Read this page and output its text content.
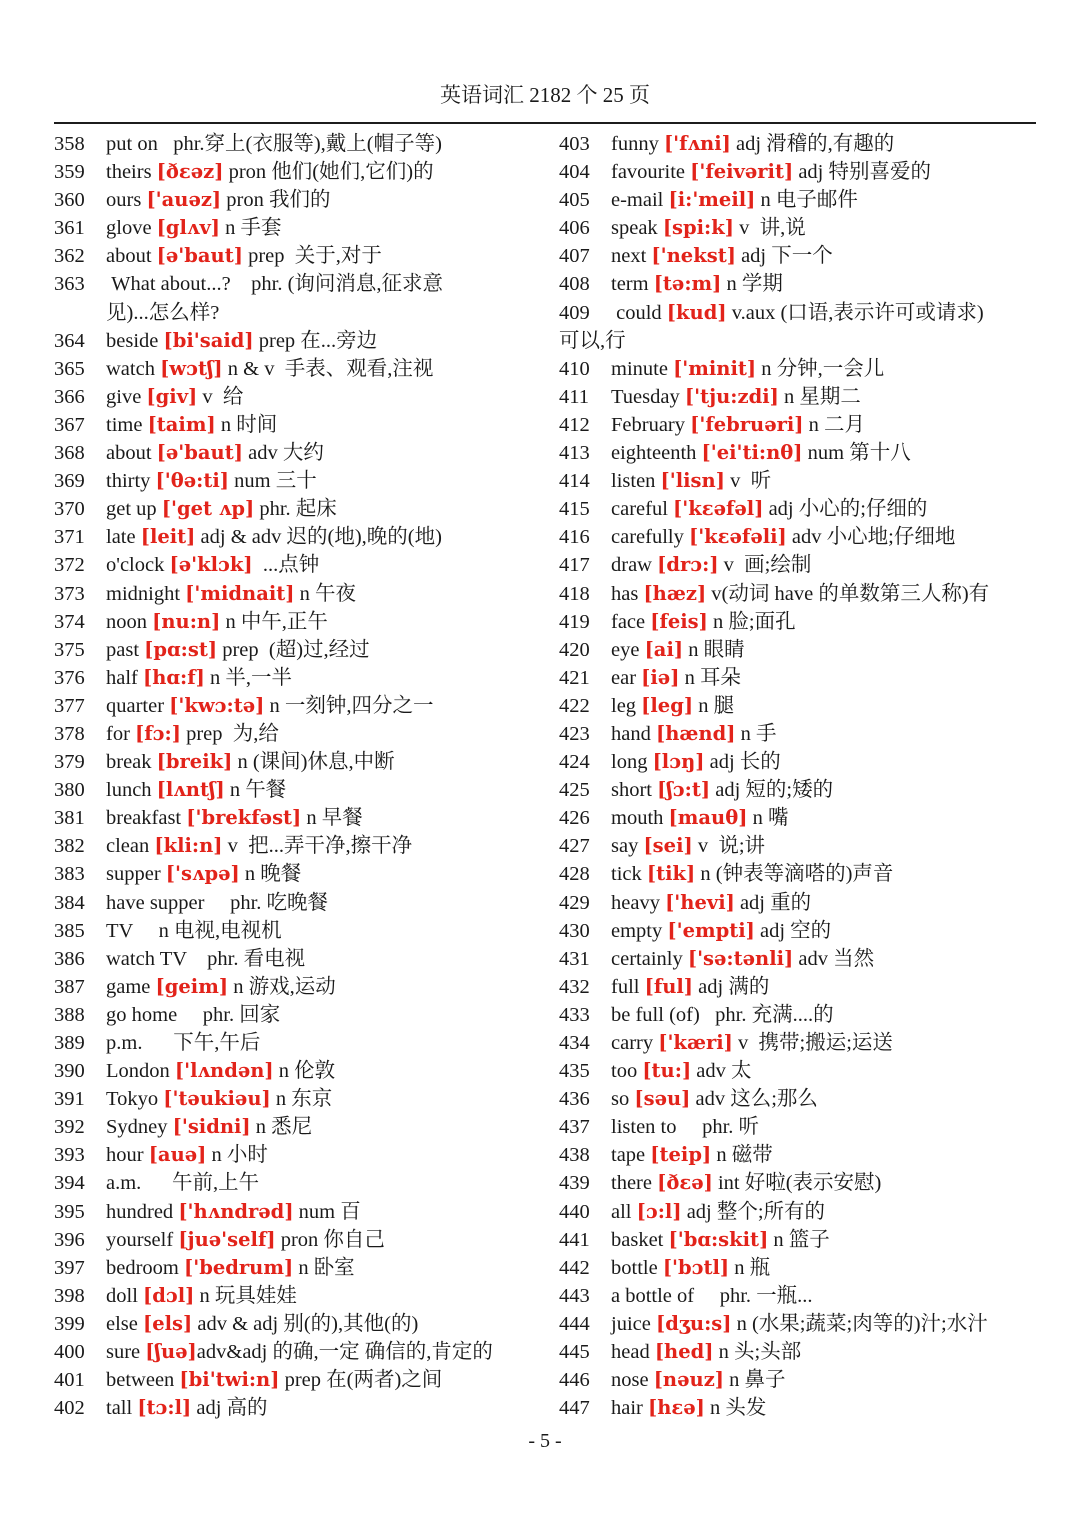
英语词汇 2182 个 25 页
358	put on   phr.穿上(衣服等),戴上(帽子等)
359	theirs [ðɛəz] pron 他们(她们,它们)的
360	ours ['auəz] pron 我们的
361	glove [glʌv] n 手套
362	about [ə'baut] prep  关于,对于
363	What about...?    phr. (询问消息,征求意
见)...怎么样?
364	beside [bi'said] prep 在...旁边
365	watch [wɔtʃ] n & v  手表、观看,注视
366	give [giv] v  给
367	time [taim] n 时间
368	about [ə'baut] adv 大约
369	thirty ['θə:ti] num 三十
370	get up ['get ʌp] phr. 起床
371	late [leit] adj & adv 迟的(地),晚的(地)
372	o'clock [ə'klɔk]  ...点钟
373	midnight ['midnait] n 午夜
374	noon [nu:n] n 中午,正午
375	past [pɑ:st] prep  (超)过,经过
376	half [hɑ:f] n 半,一半
377	quarter ['kwɔ:tə] n 一刻钟,四分之一
378	for [fɔ:] prep  为,给
379	break [breik] n (课间)休息,中断
380	lunch [lʌntʃ] n 午餐
381	breakfast ['brekfəst] n 早餐
382	clean [kli:n] v  把...弄干净,擦干净
383	supper ['sʌpə] n 晚餐
384	have supper     phr. 吃晚餐
385	TV     n 电视,电视机
386	watch TV    phr. 看电视
387	game [geim] n 游戏,运动
388	go home     phr. 回家
389	p.m.      下午,午后
390	London ['lʌndən] n 伦敦
391	Tokyo ['təukiəu] n 东京
392	Sydney ['sidni] n 悉尼
393	hour [auə] n 小时
394	a.m.      午前,上午
395	hundred ['hʌndrəd] num 百
396	yourself [juə'self] pron 你自己
397	bedroom ['bedrum] n 卧室
398	doll [dɔl] n 玩具娃娃
399	else [els] adv & adj 别(的),其他(的)
400	sure [ʃuə]adv&adj 的确,一定 确信的,肯定的
401	between [bi'twi:n] prep 在(两者)之间
402	tall [tɔ:l] adj 高的
403	funny ['fʌni] adj 滑稽的,有趣的
404	favourite ['feivərit] adj 特别喜爱的
405	e-mail [i:'meil] n 电子邮件
406	speak [spi:k] v  讲,说
407	next ['nekst] adj 下一个
408	term [tə:m] n 学期
409	could [kud] v.aux (口语,表示许可或请求)
可以,行
410	minute ['minit] n 分钟,一会儿
411	Tuesday ['tju:zdi] n 星期二
412	February ['februəri] n 二月
413	eighteenth ['ei'ti:nθ] num 第十八
414	listen ['lisn] v  听
415	careful ['kɛəfəl] adj 小心的;仔细的
416	carefully ['kɛəfəli] adv 小心地;仔细地
417	draw [drɔ:] v  画;绘制
418	has [hæz] v(动词 have 的单数第三人称)有
419	face [feis] n 脸;面孔
420	eye [ai] n 眼睛
421	ear [iə] n 耳朵
422	leg [leg] n 腿
423	hand [hænd] n 手
424	long [lɔŋ] adj 长的
425	short [ʃɔ:t] adj 短的;矮的
426	mouth [mauθ] n 嘴
427	say [sei] v  说;讲
428	tick [tik] n (钟表等滴嗒的)声音
429	heavy ['hevi] adj 重的
430	empty ['empti] adj 空的
431	certainly ['sə:tənli] adv 当然
432	full [ful] adj 满的
433	be full (of)   phr. 充满....的
434	carry ['kæri] v  携带;搬运;运送
435	too [tu:] adv 太
436	so [səu] adv 这么;那么
437	listen to     phr. 听
438	tape [teip] n 磁带
439	there [ðɛə] int 好啦(表示安慰)
440	all [ɔ:l] adj 整个;所有的
441	basket ['bɑ:skit] n 篮子
442	bottle ['bɔtl] n 瓶
443	a bottle of     phr. 一瓶...
444	juice [dʒu:s] n (水果;蔬菜;肉等的)汁;水汁
445	head [hed] n 头;头部
446	nose [nəuz] n 鼻子
447	hair [hɛə] n 头发
- 5 -
